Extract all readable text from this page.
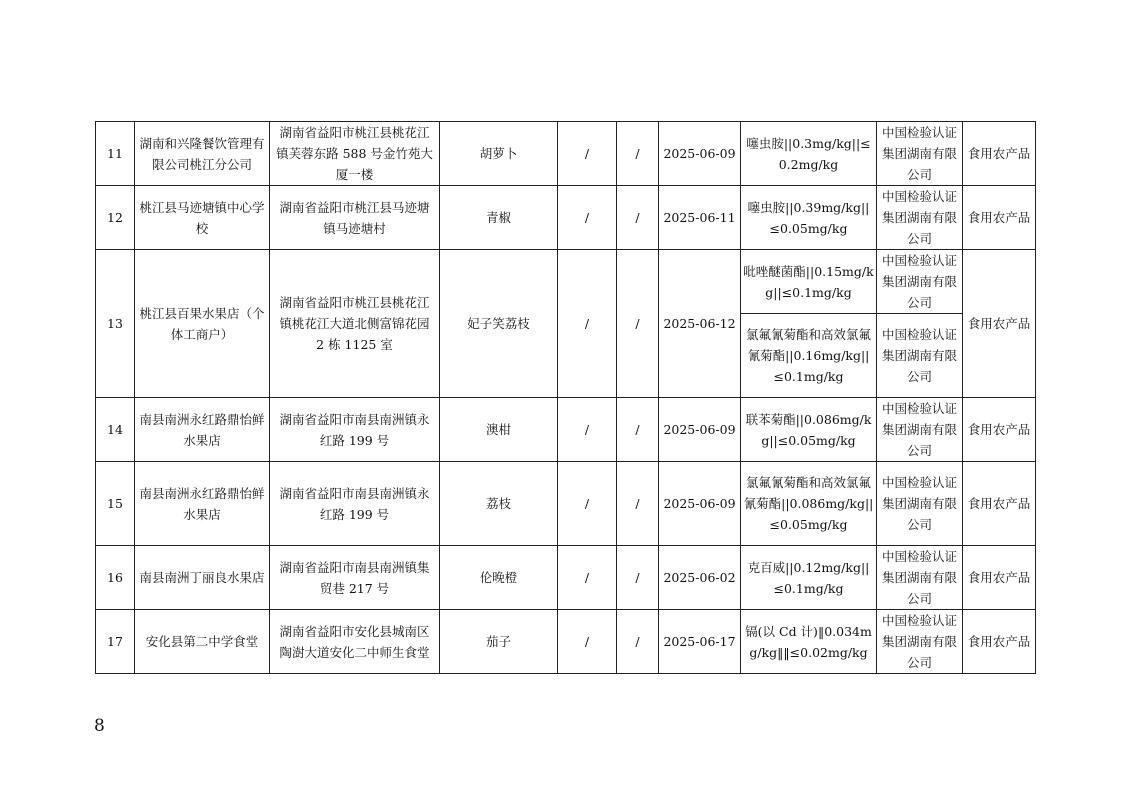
11	湖南和兴隆餐饮管理有限公司桃江分公司	湖南省益阳市桃江县桃花江镇芙蓉东路 588 号金竹苑大厦一楼	胡萝卜	/	/	2025-06-09	噻虫胺||0.3mg/kg||≤0.2mg/kg	中国检验认证集团湖南有限公司	食用农产品
12	桃江县马迹塘镇中心学校	湖南省益阳市桃江县马迹塘镇马迹塘村	青椒	/	/	2025-06-11	噻虫胺||0.39mg/kg||≤0.05mg/kg	中国检验认证集团湖南有限公司	食用农产品
13	桃江县百果水果店（个体工商户）	湖南省益阳市桃江县桃花江镇桃花江大道北侧富锦花园 2 栋 1125 室	妃子笑荔枝	/	/	2025-06-12	吡唑醚菌酯||0.15mg/kg||≤0.1mg/kg	中国检验认证集团湖南有限公司	食用农产品
							氯氟氰菊酯和高效氯氟氰菊酯||0.16mg/kg||≤0.1mg/kg	中国检验认证集团湖南有限公司	
14	南县南洲永红路鼎怡鲜水果店	湖南省益阳市南县南洲镇永红路 199 号	澳柑	/	/	2025-06-09	联苯菊酯||0.086mg/kg||≤0.05mg/kg	中国检验认证集团湖南有限公司	食用农产品
15	南县南洲永红路鼎怡鲜水果店	湖南省益阳市南县南洲镇永红路 199 号	荔枝	/	/	2025-06-09	氯氟氰菊酯和高效氯氟氰菊酯||0.086mg/kg||≤0.05mg/kg	中国检验认证集团湖南有限公司	食用农产品
16	南县南洲丁丽良水果店	湖南省益阳市南县南洲镇集贸巷 217 号	伦晚橙	/	/	2025-06-02	克百威||0.12mg/kg||≤0.1mg/kg	中国检验认证集团湖南有限公司	食用农产品
17	安化县第二中学食堂	湖南省益阳市安化县城南区陶澍大道安化二中师生食堂	茄子	/	/	2025-06-17	镉(以 Cd 计)‖0.034mg/kg‖‖≤0.02mg/kg	中国检验认证集团湖南有限公司	食用农产品
8
